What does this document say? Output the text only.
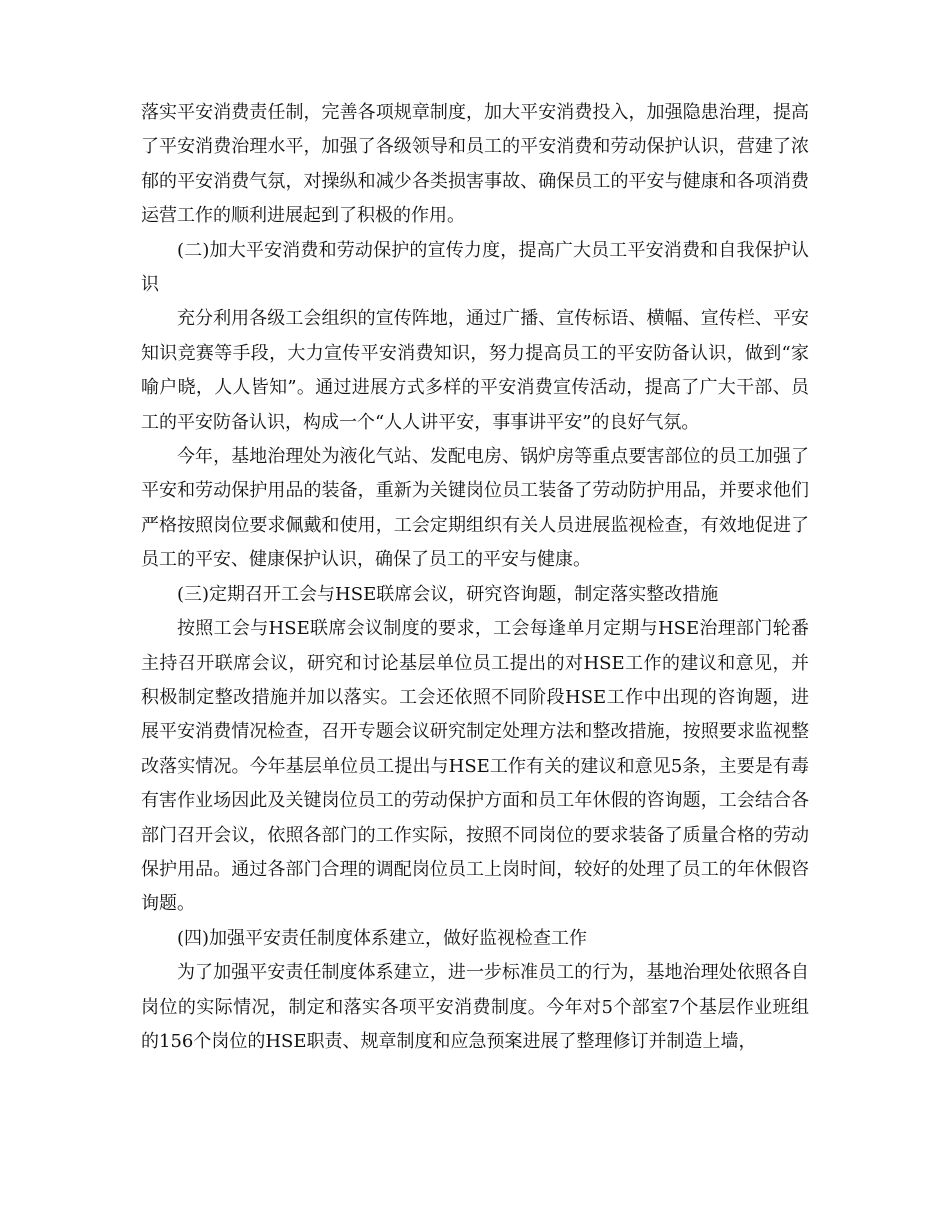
落实平安消费责任制，完善各项规章制度，加大平安消费投入，加强隐患治理，提高了平安消费治理水平，加强了各级领导和员工的平安消费和劳动保护认识，营建了浓郁的平安消费气氛，对操纵和减少各类损害事故、确保员工的平安与健康和各项消费运营工作的顺利进展起到了积极的作用。

(二)加大平安消费和劳动保护的宣传力度，提高广大员工平安消费和自我保护认识

充分利用各级工会组织的宣传阵地，通过广播、宣传标语、横幅、宣传栏、平安知识竞赛等手段，大力宣传平安消费知识，努力提高员工的平安防备认识，做到“家喻户晓，人人皆知”。通过进展方式多样的平安消费宣传活动，提高了广大干部、员工的平安防备认识，构成一个“人人讲平安，事事讲平安”的良好气氛。

今年，基地治理处为液化气站、发配电房、锅炉房等重点要害部位的员工加强了平安和劳动保护用品的装备，重新为关键岗位员工装备了劳动防护用品，并要求他们严格按照岗位要求佩戴和使用，工会定期组织有关人员进展监视检查，有效地促进了员工的平安、健康保护认识，确保了员工的平安与健康。

(三)定期召开工会与HSE联席会议，研究咨询题，制定落实整改措施

按照工会与HSE联席会议制度的要求，工会每逢单月定期与HSE治理部门轮番主持召开联席会议，研究和讨论基层单位员工提出的对HSE工作的建议和意见，并积极制定整改措施并加以落实。工会还依照不同阶段HSE工作中出现的咨询题，进展平安消费情况检查，召开专题会议研究制定处理方法和整改措施，按照要求监视整改落实情况。今年基层单位员工提出与HSE工作有关的建议和意见5条，主要是有毒有害作业场因此及关键岗位员工的劳动保护方面和员工年休假的咨询题，工会结合各部门召开会议，依照各部门的工作实际，按照不同岗位的要求装备了质量合格的劳动保护用品。通过各部门合理的调配岗位员工上岗时间，较好的处理了员工的年休假咨询题。

(四)加强平安责任制度体系建立，做好监视检查工作

为了加强平安责任制度体系建立，进一步标准员工的行为，基地治理处依照各自岗位的实际情况，制定和落实各项平安消费制度。今年对5个部室7个基层作业班组的156个岗位的HSE职责、规章制度和应急预案进展了整理修订并制造上墙，
